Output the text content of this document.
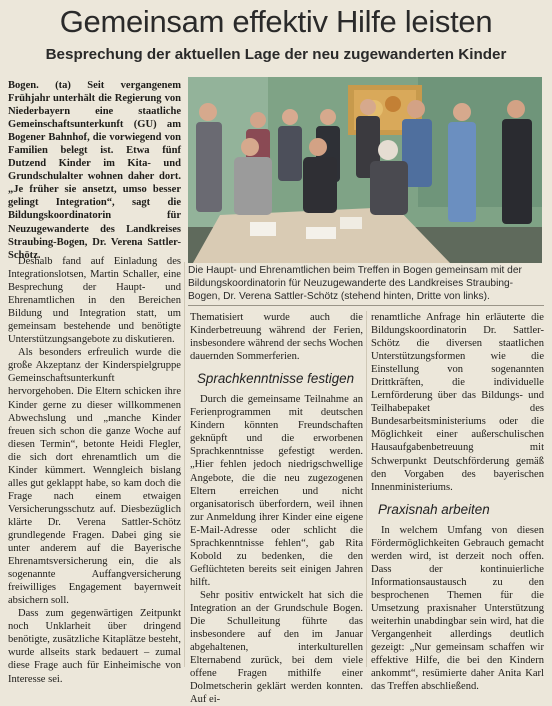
Gemeinsam effektiv Hilfe leisten
Besprechung der aktuellen Lage der neu zugewanderten Kinder

Bogen. (ta) Seit vergangenem Frühjahr unterhält die Regierung von Niederbayern eine staatliche Gemeinschaftsunterkunft (GU) am Bogener Bahnhof, die vorwiegend von Familien belegt ist. Etwa fünf Dutzend Kinder im Kita- und Grundschulalter wohnen daher dort. „Je früher sie ansetzt, umso besser gelingt Integration“, sagt die Bildungskoordinatorin für Neuzugewanderte des Landkreises Straubing-Bogen, Dr. Verena Sattler-Schötz.

Die Haupt- und Ehrenamtlichen beim Treffen in Bogen gemeinsam mit der Bildungskoordinatorin für Neuzugewanderte des Landkreises Straubing-Bogen, Dr. Verena Sattler-Schötz (stehend hinten, Dritte von links).

Deshalb fand auf Einladung des Integrationslotsen, Martin Schaller, eine Besprechung der Haupt- und Ehrenamtlichen in den Bereichen Bildung und Integration statt, um gemeinsam bestehende und benötigte Unterstützungsangebote zu diskutieren.

Als besonders erfreulich wurde die große Akzeptanz der Kinderspielgruppe Gemeinschaftsunterkunft hervorgehoben. Die Eltern schicken ihre Kinder gerne zu dieser willkommenen Abwechslung und „manche Kinder freuen sich schon die ganze Woche auf diesen Termin“, betonte Heidi Flegler, die sich dort ehrenamtlich um die Kinder kümmert. Wenngleich bislang alles gut geklappt habe, so kam doch die Frage nach einem etwaigen Versicherungsschutz auf. Diesbezüglich klärte Dr. Verena Sattler-Schötz grundlegende Fragen. Dabei ging sie unter anderem auf die Bayerische Ehrenamtsversicherung ein, die als sogenannte Auffangversicherung freiwilliges Engagement bayernweit absichern soll.

Dass zum gegenwärtigen Zeitpunkt noch Unklarheit über dringend benötigte, zusätzliche Kitaplätze besteht, wurde allseits stark bedauert – zumal diese Frage auch für Einheimische von Interesse sei.

Thematisiert wurde auch die Kinderbetreuung während der Ferien, insbesondere während der sechs Wochen dauernden Sommerferien.

Sprachkenntnisse festigen

Durch die gemeinsame Teilnahme an Ferienprogrammen mit deutschen Kindern könnten Freundschaften geknüpft und die erworbenen Sprachkenntnisse gefestigt werden. „Hier fehlen jedoch niedrigschwellige Angebote, die die neu zugezogenen Eltern erreichen und nicht organisatorisch überfordern, weil ihnen zur Anmeldung ihrer Kinder eine eigene E-Mail-Adresse oder schlicht die Sprachkenntnisse fehlen“, gab Rita Kobold zu bedenken, die den Geflüchteten bereits seit einigen Jahren hilft.

Sehr positiv entwickelt hat sich die Integration an der Grundschule Bogen. Die Schulleitung führte das insbesondere auf den im Januar abgehaltenen, interkulturellen Elternabend zurück, bei dem viele offene Fragen mithilfe einer Dolmetscherin geklärt werden konnten. Auf ei-

renamtliche Anfrage hin erläuterte die Bildungskoordinatorin Dr. Sattler-Schötz die diversen staatlichen Unterstützungsformen wie die Einstellung von sogenannten Drittkräften, die individuelle Lernförderung über das Bildungs- und Teilhabepaket des Bundesarbeitsministeriums oder die Möglichkeit einer außerschulischen Hausaufgabenbetreuung mit Schwerpunkt Deutschförderung gemäß den Vorgaben des bayerischen Innenministeriums.

Praxisnah arbeiten

In welchem Umfang von diesen Fördermöglichkeiten Gebrauch gemacht werden wird, ist derzeit noch offen. Dass der kontinuierliche Informationsaustausch zu den besprochenen Themen für die Umsetzung praxisnaher Unterstützung weiterhin unabdingbar sein wird, hat die Vergangenheit allerdings deutlich gezeigt: „Nur gemeinsam schaffen wir effektive Hilfe, die bei den Kindern ankommt“, resümierte daher Anita Karl das Treffen abschließend.
